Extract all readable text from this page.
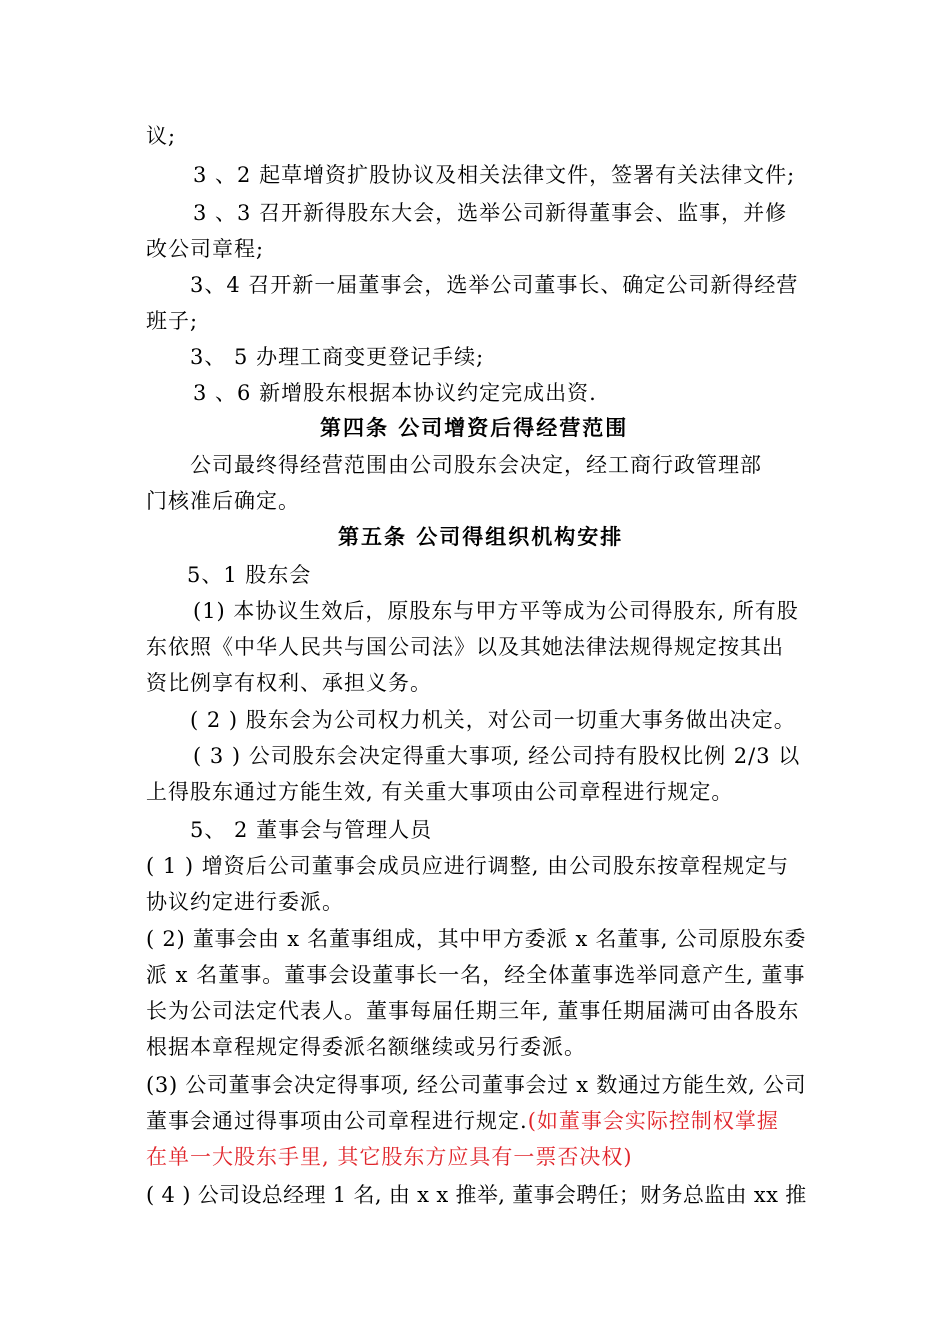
议;
3 、2 起草增资扩股协议及相关法律文件，签署有关法律文件;
3 、3 召开新得股东大会，选举公司新得董事会、监事，并修
改公司章程;
3、4 召开新一届董事会，选举公司董事长、确定公司新得经营
班子;
3、 5 办理工商变更登记手续;
3 、6 新增股东根据本协议约定完成出资.
第四条 公司增资后得经营范围
公司最终得经营范围由公司股东会决定，经工商行政管理部
门核准后确定。
第五条 公司得组织机构安排
5、1 股东会
(1) 本协议生效后，原股东与甲方平等成为公司得股东, 所有股
东依照《中华人民共与国公司法》以及其她法律法规得规定按其出
资比例享有权利、承担义务。
( 2 ) 股东会为公司权力机关，对公司一切重大事务做出决定。
( 3 ) 公司股东会决定得重大事项, 经公司持有股权比例 2/3 以
上得股东通过方能生效, 有关重大事项由公司章程进行规定。
5、 2 董事会与管理人员
( 1 ) 增资后公司董事会成员应进行调整, 由公司股东按章程规定与
协议约定进行委派。
( 2) 董事会由 x 名董事组成，其中甲方委派 x 名董事, 公司原股东委
派 x 名董事。董事会设董事长一名，经全体董事选举同意产生, 董事
长为公司法定代表人。董事每届任期三年, 董事任期届满可由各股东
根据本章程规定得委派名额继续或另行委派。
(3) 公司董事会决定得事项, 经公司董事会过 x 数通过方能生效, 公司
董事会通过得事项由公司章程进行规定.(如董事会实际控制权掌握
在单一大股东手里, 其它股东方应具有一票否决权)
( 4 ) 公司设总经理 1 名, 由 x x 推举, 董事会聘任；财务总监由 xx 推
